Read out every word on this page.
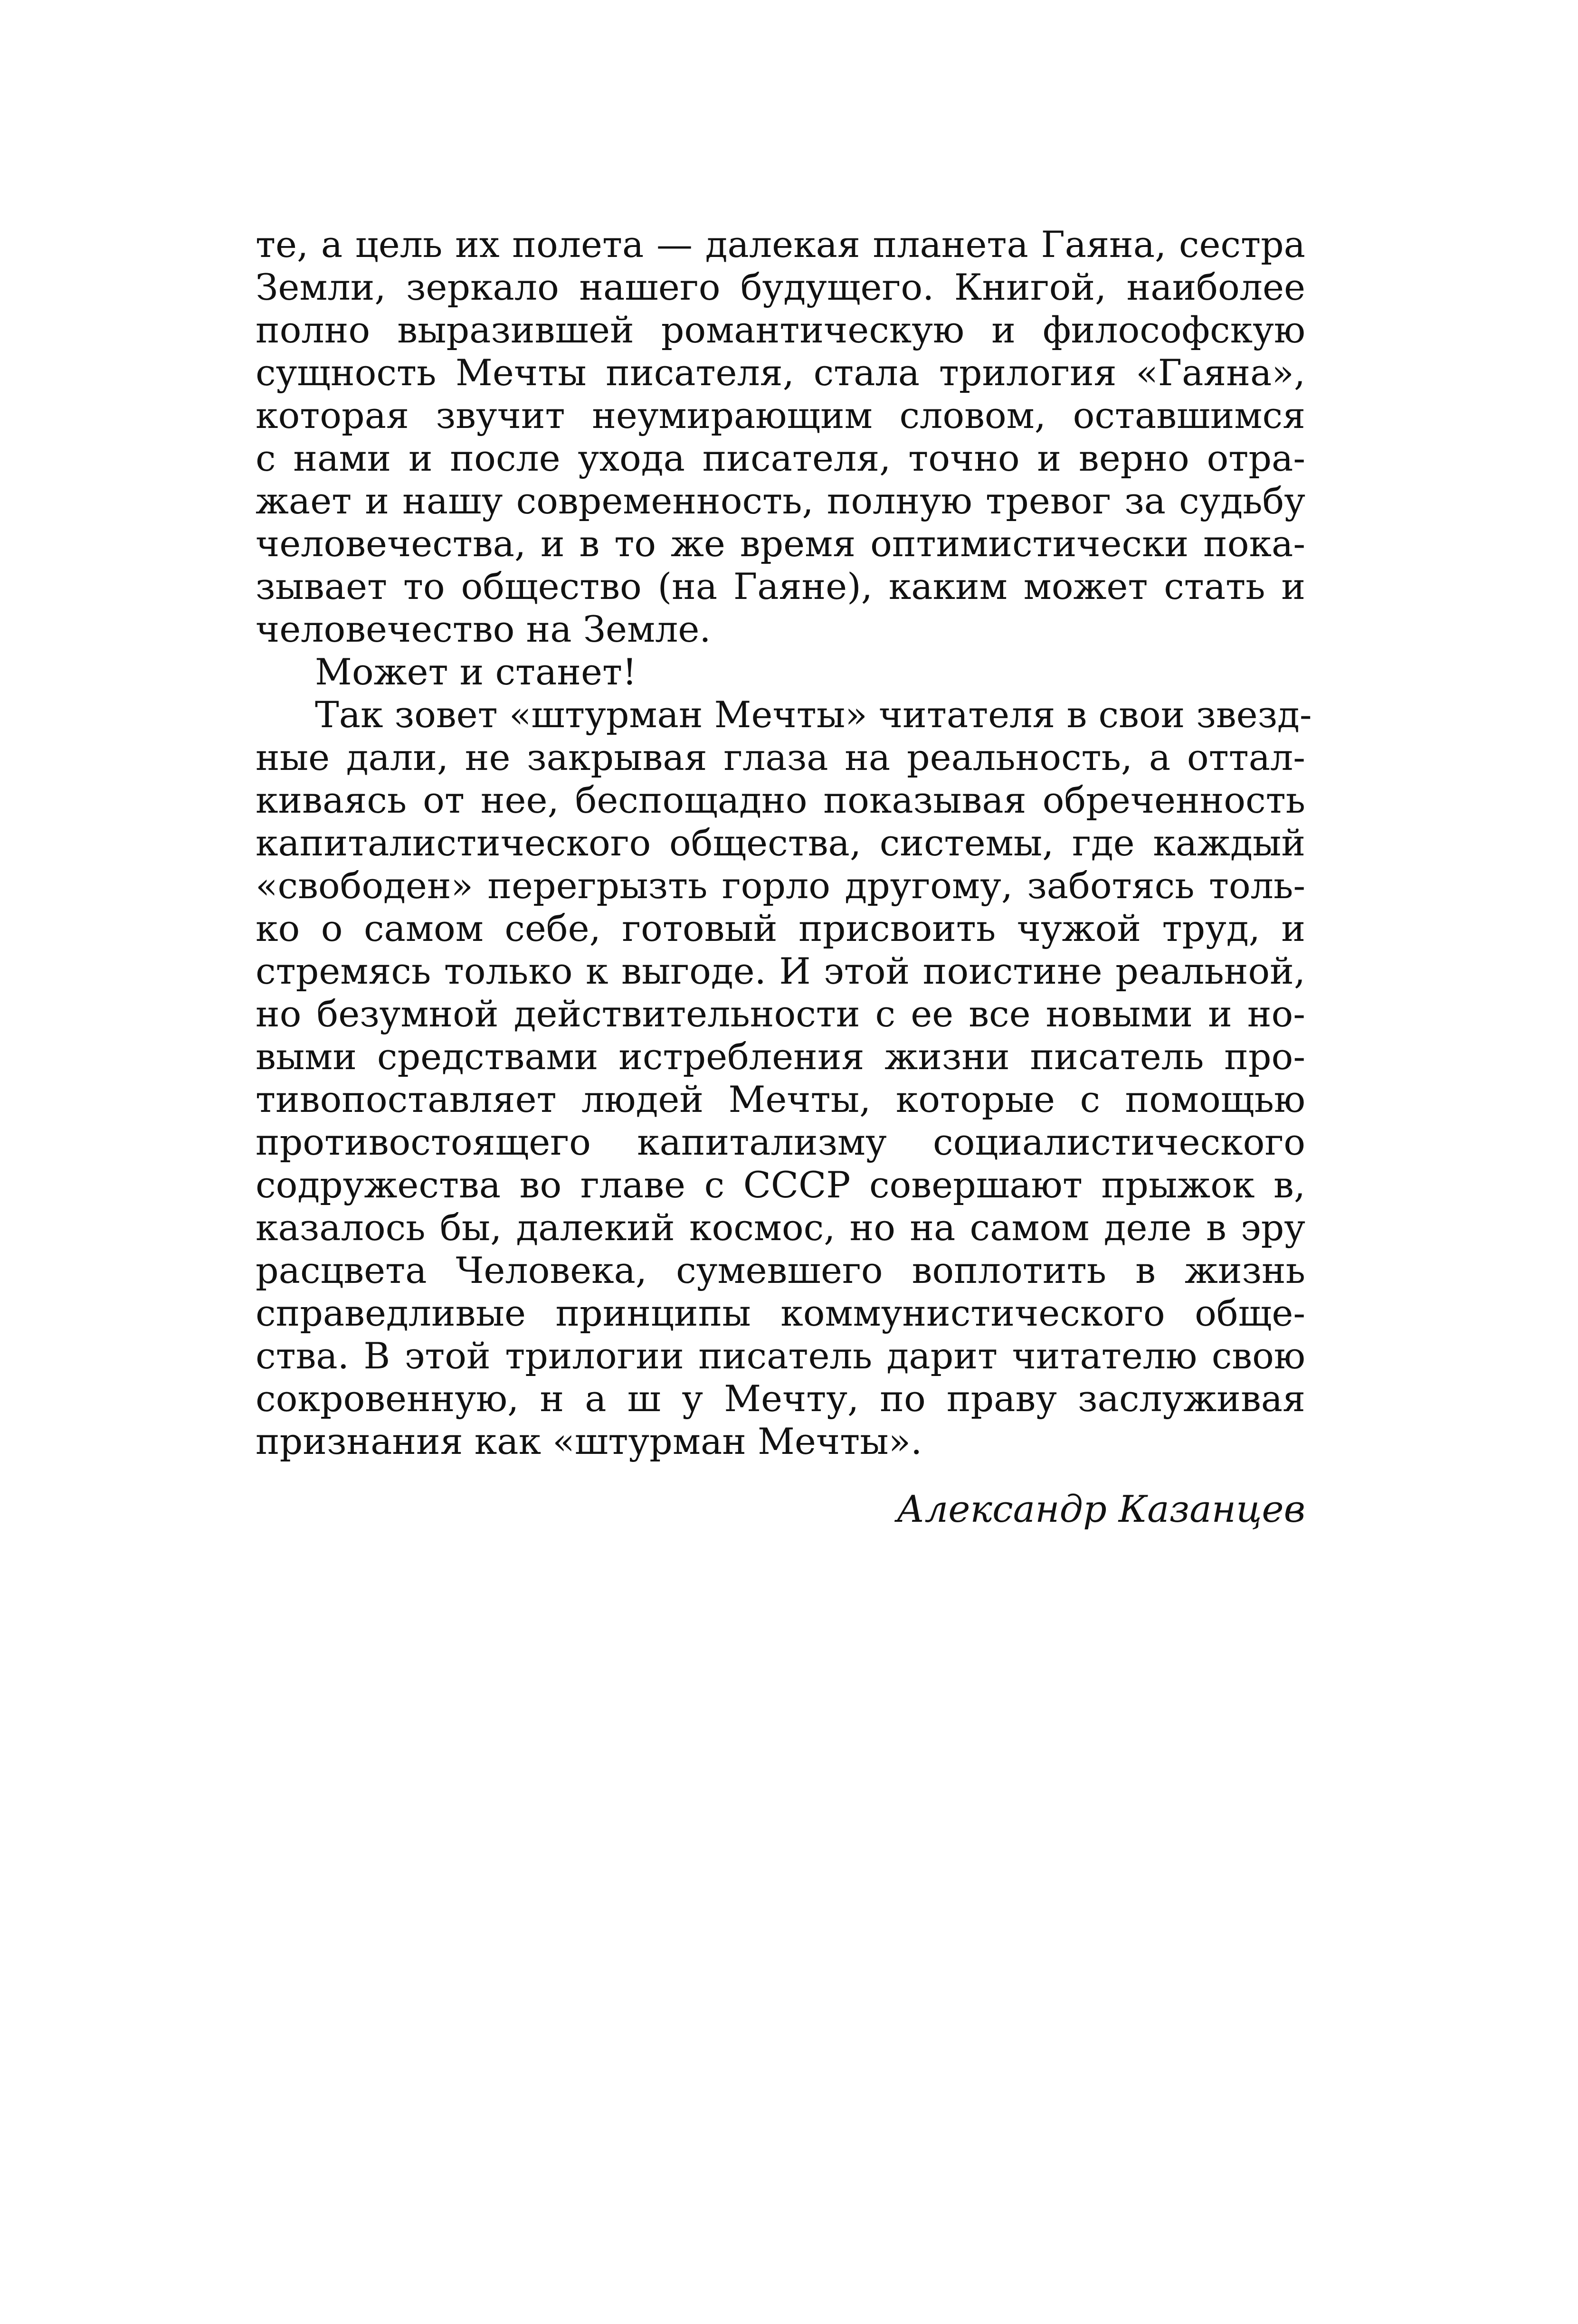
те, а цель их полета — далекая планета Гаяна, сестра
Земли, зеркало нашего будущего. Книгой, наиболее
полно выразившей романтическую и философскую
сущность Мечты писателя, стала трилогия «Гаяна»,
которая звучит неумирающим словом, оставшимся
с нами и после ухода писателя, точно и верно отра-
жает и нашу современность, полную тревог за судьбу
человечества, и в то же время оптимистически пока-
зывает то общество (на Гаяне), каким может стать и
человечество на Земле.
Может и станет!
Так зовет «штурман Мечты» читателя в свои звезд-
ные дали, не закрывая глаза на реальность, а оттал-
киваясь от нее, беспощадно показывая обреченность
капиталистического общества, системы, где каждый
«свободен» перегрызть горло другому, заботясь толь-
ко о самом себе, готовый присвоить чужой труд, и
стремясь только к выгоде. И этой поистине реальной,
но безумной действительности с ее все новыми и но-
выми средствами истребления жизни писатель про-
тивопоставляет людей Мечты, которые с помощью
противостоящего капитализму социалистического
содружества во главе с СССР совершают прыжок в,
казалось бы, далекий космос, но на самом деле в эру
расцвета Человека, сумевшего воплотить в жизнь
справедливые принципы коммунистического обще-
ства. В этой трилогии писатель дарит читателю свою
сокровенную, н а ш у Мечту, по праву заслуживая
признания как «штурман Мечты».
Александр Казанцев
